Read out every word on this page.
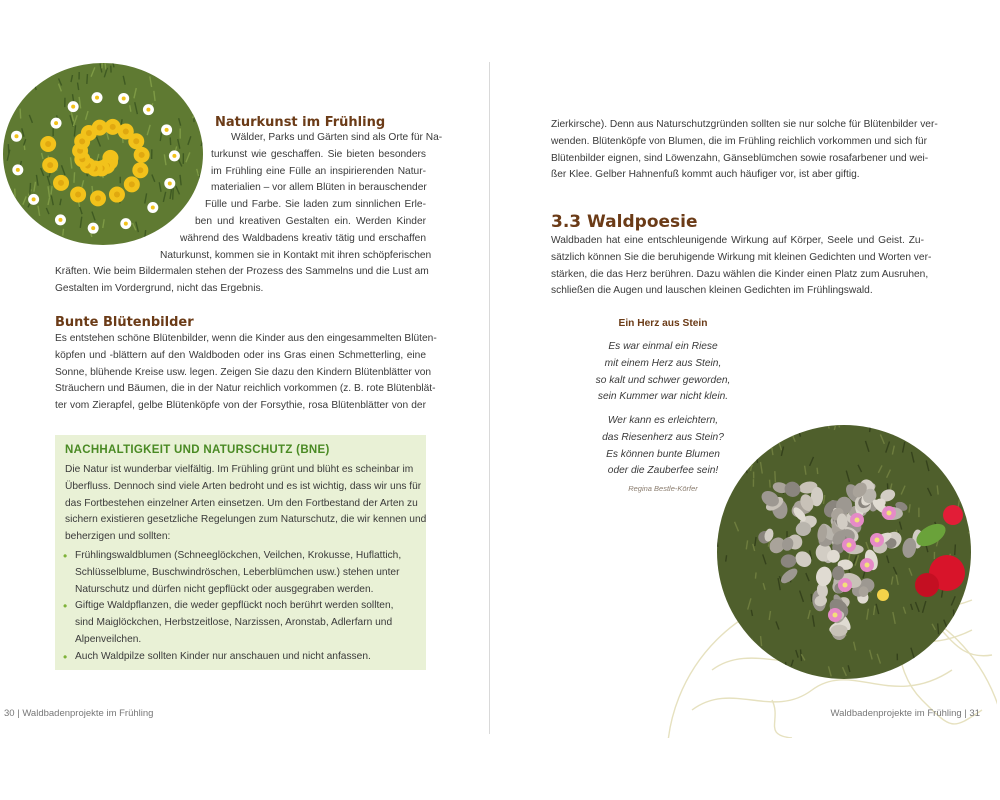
Naturkunst im Frühling
Wälder, Parks und Gärten sind als Orte für Na-
turkunst wie geschaffen. Sie bieten besonders
im Frühling eine Fülle an inspirierenden Natur-
materialien – vor allem Blüten in berauschender
Fülle und Farbe. Sie laden zum sinnlichen Erle-
ben und kreativen Gestalten ein. Werden Kinder
während des Waldbadens kreativ tätig und erschaffen
Naturkunst, kommen sie in Kontakt mit ihren schöpferischen
Kräften. Wie beim Bildermalen stehen der Prozess des Sammelns und die Lust am
Gestalten im Vordergrund, nicht das Ergebnis.
Bunte Blütenbilder
Es entstehen schöne Blütenbilder, wenn die Kinder aus den eingesammelten Blüten-
köpfen und -blättern auf den Waldboden oder ins Gras einen Schmetterling, eine
Sonne, blühende Kreise usw. legen. Zeigen Sie dazu den Kindern Blütenblätter von
Sträuchern und Bäumen, die in der Natur reichlich vorkommen (z. B. rote Blütenblät-
ter vom Zierapfel, gelbe Blütenköpfe von der Forsythie, rosa Blütenblätter von der
NACHHALTIGKEIT UND NATURSCHUTZ (BNE)
Die Natur ist wunderbar vielfältig. Im Frühling grünt und blüht es scheinbar im
Überfluss. Dennoch sind viele Arten bedroht und es ist wichtig, dass wir uns für
das Fortbestehen einzelner Arten einsetzen. Um den Fortbestand der Arten zu
sichern existieren gesetzliche Regelungen zum Naturschutz, die wir kennen und
beherzigen und sollten:
• Frühlingswaldblumen (Schneeglöckchen, Veilchen, Krokusse, Huflattich,
Schlüsselblume, Buschwindröschen, Leberblümchen usw.) stehen unter
Naturschutz und dürfen nicht gepflückt oder ausgegraben werden.
• Giftige Waldpflanzen, die weder gepflückt noch berührt werden sollten,
sind Maiglöckchen, Herbstzeitlose, Narzissen, Aronstab, Adlerfarn und
Alpenveilchen.
• Auch Waldpilze sollten Kinder nur anschauen und nicht anfassen.

30 | Waldbadenprojekte im Frühling

Zierkirsche). Denn aus Naturschutzgründen sollten sie nur solche für Blütenbilder ver-
wenden. Blütenköpfe von Blumen, die im Frühling reichlich vorkommen und sich für
Blütenbilder eignen, sind Löwenzahn, Gänseblümchen sowie rosafarbener und wei-
ßer Klee. Gelber Hahnenfuß kommt auch häufiger vor, ist aber giftig.
3.3 Waldpoesie
Waldbaden hat eine entschleunigende Wirkung auf Körper, Seele und Geist. Zu-
sätzlich können Sie die beruhigende Wirkung mit kleinen Gedichten und Worten ver-
stärken, die das Herz berühren. Dazu wählen die Kinder einen Platz zum Ausruhen,
schließen die Augen und lauschen kleinen Gedichten im Frühlingswald.

Ein Herz aus Stein

Es war einmal ein Riese
mit einem Herz aus Stein,
so kalt und schwer geworden,
sein Kummer war nicht klein.
Wer kann es erleichtern,
das Riesenherz aus Stein?
Es können bunte Blumen
oder die Zauberfee sein!

Regina Bestle-Körfer

Waldbadenprojekte im Frühling | 31
